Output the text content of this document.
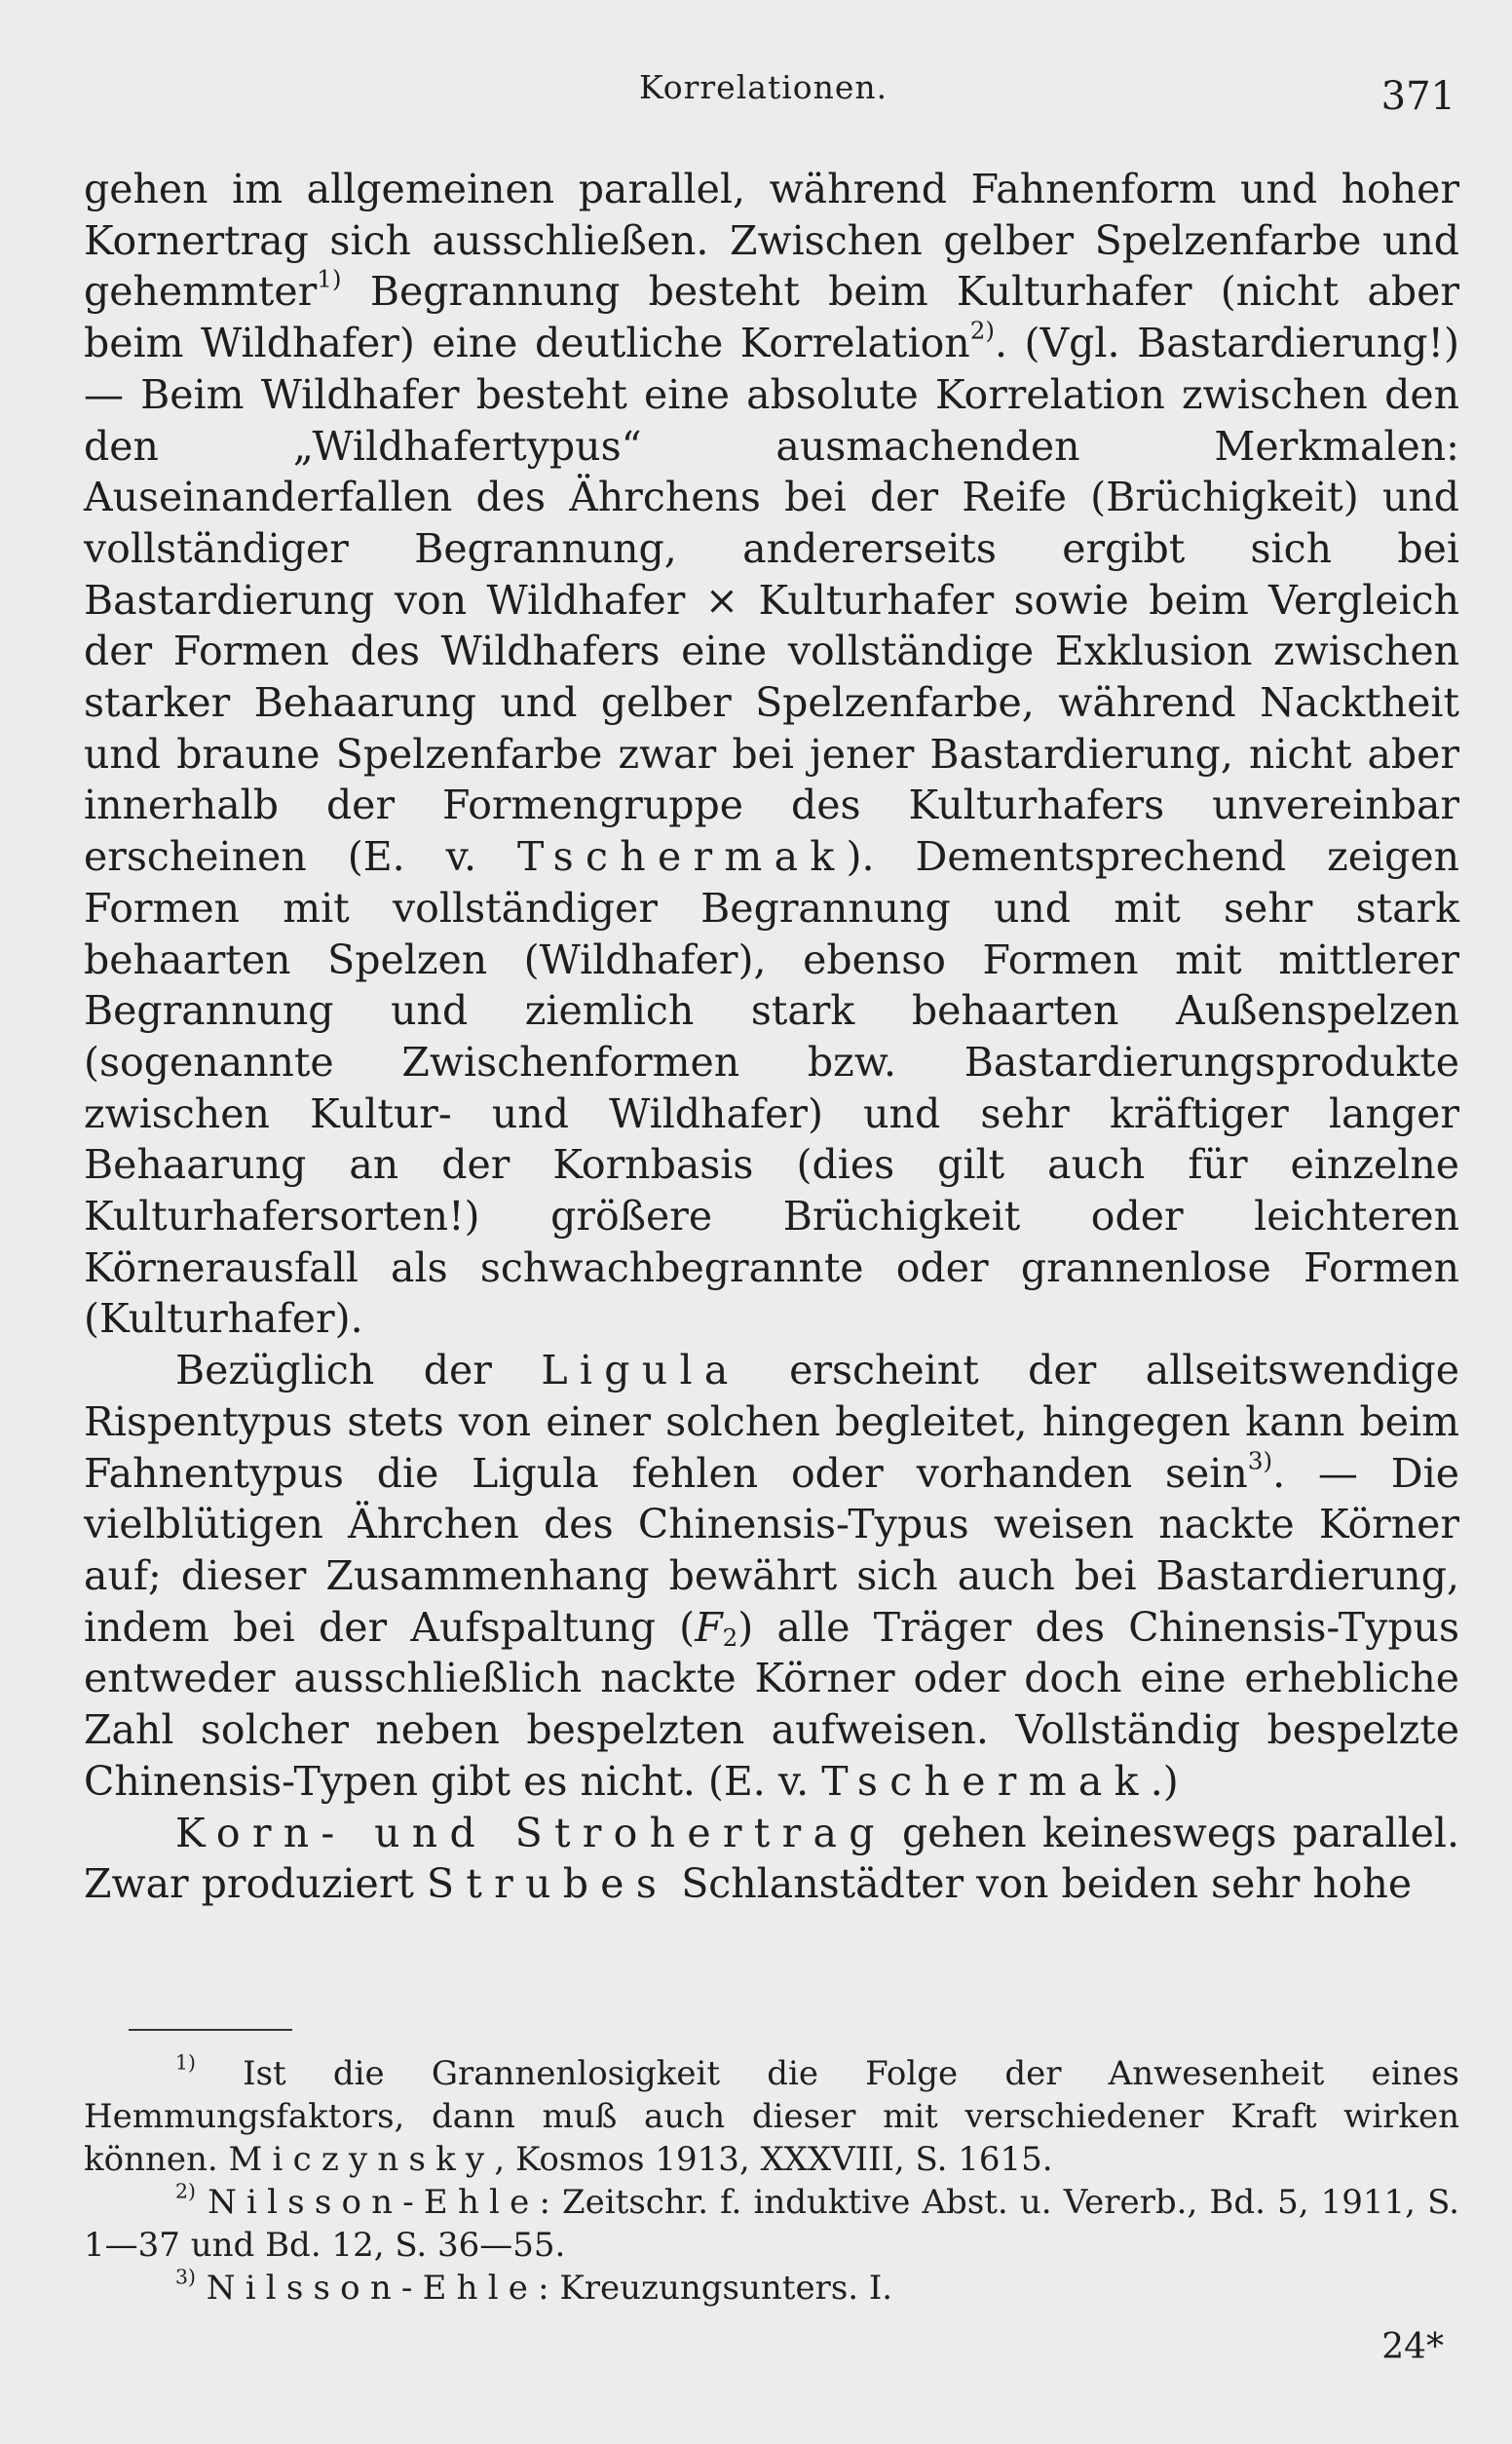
Korrelationen.	371

gehen im allgemeinen parallel, während Fahnenform und hoher Kornertrag sich ausschließen. Zwischen gelber Spelzenfarbe und gehemmter$^{1)}$ Begrannung besteht beim Kulturhafer (nicht aber beim Wildhafer) eine deutliche Korrelation$^{2)}$. (Vgl. Bastardierung!) — Beim Wildhafer besteht eine absolute Korrelation zwischen den den „Wildhafertypus“ ausmachenden Merkmalen: Auseinanderfallen des Ährchens bei der Reife (Brüchigkeit) und vollständiger Begrannung, andererseits ergibt sich bei Bastardierung von Wildhafer × Kulturhafer sowie beim Vergleich der Formen des Wildhafers eine vollständige Exklusion zwischen starker Behaarung und gelber Spelzenfarbe, während Nacktheit und braune Spelzenfarbe zwar bei jener Bastardierung, nicht aber innerhalb der Formengruppe des Kulturhafers unvereinbar erscheinen (E. v. Tschermak). Dementsprechend zeigen Formen mit vollständiger Begrannung und mit sehr stark behaarten Spelzen (Wildhafer), ebenso Formen mit mittlerer Begrannung und ziemlich stark behaarten Außenspelzen (sogenannte Zwischenformen bzw. Bastardierungsprodukte zwischen Kultur- und Wildhafer) und sehr kräftiger langer Behaarung an der Kornbasis (dies gilt auch für einzelne Kulturhafersorten!) größere Brüchigkeit oder leichteren Körnerausfall als schwachbegrannte oder grannenlose Formen (Kulturhafer).

Bezüglich der Ligula erscheint der allseitswendige Rispentypus stets von einer solchen begleitet, hingegen kann beim Fahnentypus die Ligula fehlen oder vorhanden sein$^{3)}$. — Die vielblütigen Ährchen des Chinensis-Typus weisen nackte Körner auf; dieser Zusammenhang bewährt sich auch bei Bastardierung, indem bei der Aufspaltung $(F_2)$ alle Träger des Chinensis-Typus entweder ausschließlich nackte Körner oder doch eine erhebliche Zahl solcher neben bespelzten aufweisen. Vollständig bespelzte Chinensis-Typen gibt es nicht. (E. v. Tschermak.)

Korn- und Strohertrag gehen keineswegs parallel. Zwar produziert Strubes Schlanstädter von beiden sehr hohe

$^{1)}$ Ist die Grannenlosigkeit die Folge der Anwesenheit eines Hemmungsfaktors, dann muß auch dieser mit verschiedener Kraft wirken können. Miczynsky, Kosmos 1913, XXXVIII, S. 1615.

$^{2)}$ Nilsson-Ehle: Zeitschr. f. induktive Abst. u. Vererb., Bd. 5, 1911, S. 1—37 und Bd. 12, S. 36—55.

$^{3)}$ Nilsson-Ehle: Kreuzungsunters. I.

24*
